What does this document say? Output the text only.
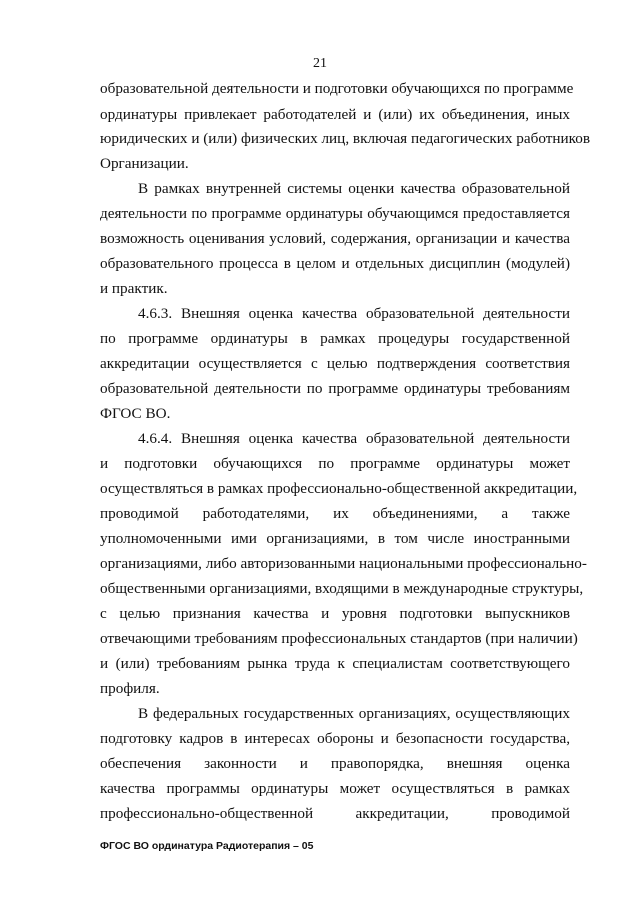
21
образовательной деятельности и подготовки обучающихся по программе
ординатуры привлекает работодателей и (или) их объединения, иных
юридических и (или) физических лиц, включая педагогических работников
Организации.
В рамках внутренней системы оценки качества образовательной
деятельности по программе ординатуры обучающимся предоставляется
возможность оценивания условий, содержания, организации и качества
образовательного процесса в целом и отдельных дисциплин (модулей)
и практик.
4.6.3. Внешняя оценка качества образовательной деятельности
по программе ординатуры в рамках процедуры государственной
аккредитации осуществляется с целью подтверждения соответствия
образовательной деятельности по программе ординатуры требованиям
ФГОС ВО.
4.6.4. Внешняя оценка качества образовательной деятельности
и подготовки обучающихся по программе ординатуры может
осуществляться в рамках профессионально-общественной аккредитации,
проводимой работодателями, их объединениями, а также
уполномоченными ими организациями, в том числе иностранными
организациями, либо авторизованными национальными профессионально-
общественными организациями, входящими в международные структуры,
с целью признания качества и уровня подготовки выпускников
отвечающими требованиям профессиональных стандартов (при наличии)
и (или) требованиям рынка труда к специалистам соответствующего
профиля.
В федеральных государственных организациях, осуществляющих
подготовку кадров в интересах обороны и безопасности государства,
обеспечения законности и правопорядка, внешняя оценка
качества программы ординатуры может осуществляться в рамках
профессионально-общественной аккредитации, проводимой
ФГОС ВО ординатура Радиотерапия – 05
